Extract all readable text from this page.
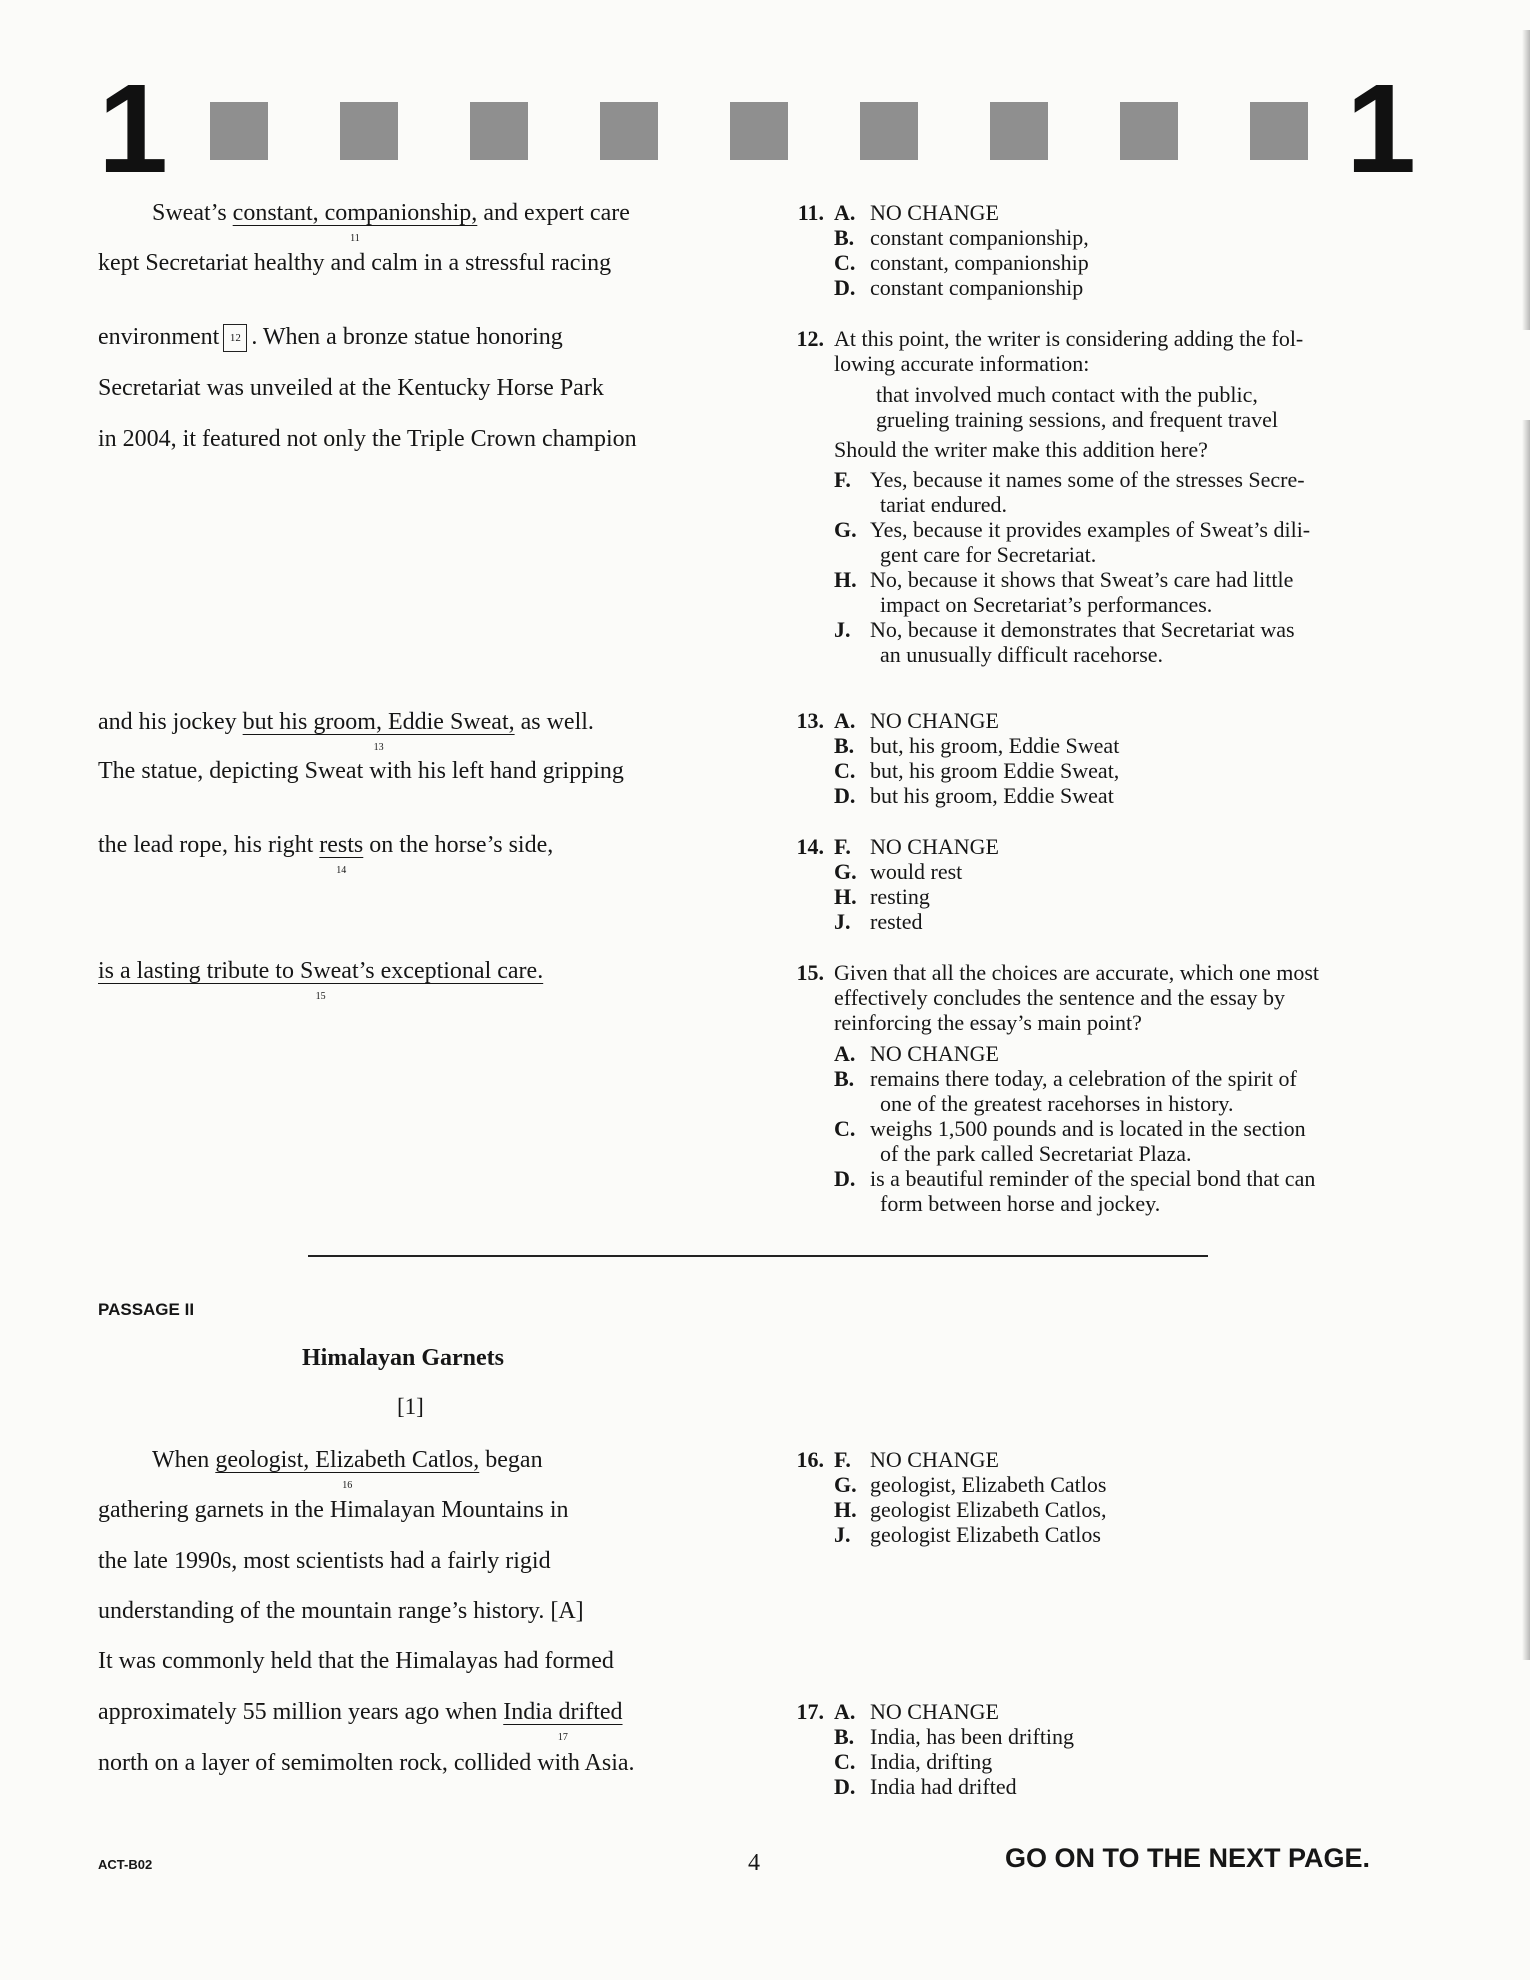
1	1
Sweat’s constant, companionship,
11
and expert care
kept Secretariat healthy and calm in a stressful racing
environment 12 . When a bronze statue honoring
Secretariat was unveiled at the Kentucky Horse Park
in 2004, it featured not only the Triple Crown champion
and his jockey but his groom, Eddie Sweat,
13
as well.
The statue, depicting Sweat with his left hand gripping
the lead rope, his right rests
14
on the horse’s side,
is a lasting tribute to Sweat’s exceptional care.
15
11. A. NO CHANGE
B. constant companionship,
C. constant, companionship
D. constant companionship
12. At this point, the writer is considering adding the fol-
lowing accurate information:
that involved much contact with the public,
grueling training sessions, and frequent travel
Should the writer make this addition here?
F. Yes, because it names some of the stresses Secre-
tariat endured.
G. Yes, because it provides examples of Sweat’s dili-
gent care for Secretariat.
H. No, because it shows that Sweat’s care had little
impact on Secretariat’s performances.
J. No, because it demonstrates that Secretariat was
an unusually difficult racehorse.
13. A. NO CHANGE
B. but, his groom, Eddie Sweat
C. but, his groom Eddie Sweat,
D. but his groom, Eddie Sweat
14. F. NO CHANGE
G. would rest
H. resting
J. rested
15. Given that all the choices are accurate, which one most
effectively concludes the sentence and the essay by
reinforcing the essay’s main point?
A. NO CHANGE
B. remains there today, a celebration of the spirit of
one of the greatest racehorses in history.
C. weighs 1,500 pounds and is located in the section
of the park called Secretariat Plaza.
D. is a beautiful reminder of the special bond that can
form between horse and jockey.
PASSAGE II
Himalayan Garnets
[1]
When geologist, Elizabeth Catlos,
16
began
gathering garnets in the Himalayan Mountains in
the late 1990s, most scientists had a fairly rigid
understanding of the mountain range’s history. [A]
It was commonly held that the Himalayas had formed
approximately 55 million years ago when India drifted
17
north on a layer of semimolten rock, collided with Asia.
16. F. NO CHANGE
G. geologist, Elizabeth Catlos
H. geologist Elizabeth Catlos,
J. geologist Elizabeth Catlos
17. A. NO CHANGE
B. India, has been drifting
C. India, drifting
D. India had drifted
ACT-B02	4	GO ON TO THE NEXT PAGE.
